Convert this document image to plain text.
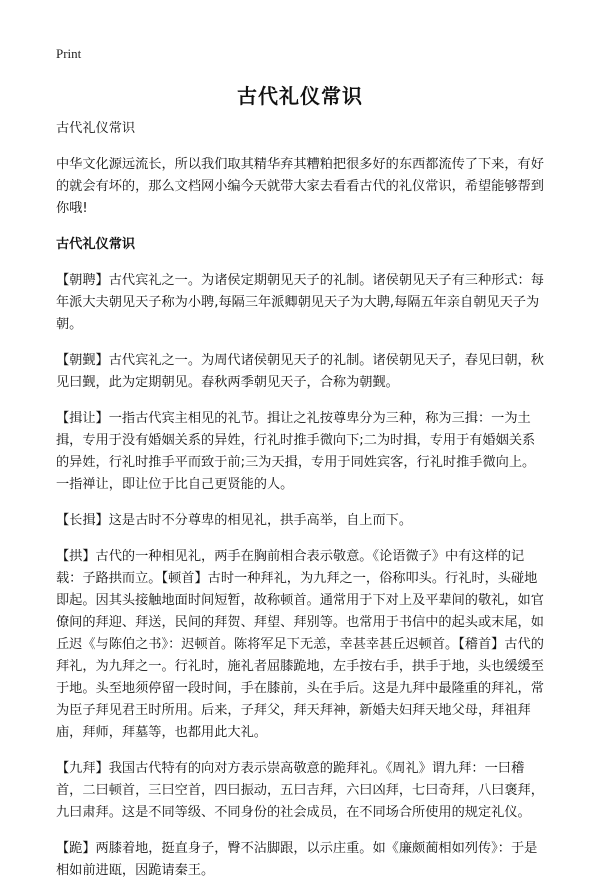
Print
古代礼仪常识

古代礼仪常识

中华文化源远流长，所以我们取其精华弃其糟粕把很多好的东西都流传了下来，有好的就会有坏的，那么文档网小编今天就带大家去看看古代的礼仪常识，希望能够帮到你哦!

古代礼仪常识

【朝聘】古代宾礼之一。为诸侯定期朝见天子的礼制。诸侯朝见天子有三种形式：每年派大夫朝见天子称为小聘,每隔三年派卿朝见天子为大聘,每隔五年亲自朝见天子为朝。

【朝觐】古代宾礼之一。为周代诸侯朝见天子的礼制。诸侯朝见天子，春见曰朝，秋见曰觐，此为定期朝见。春秋两季朝见天子，合称为朝觐。

【揖让】一指古代宾主相见的礼节。揖让之礼按尊卑分为三种，称为三揖：一为土揖，专用于没有婚姻关系的异姓，行礼时推手微向下;二为时揖，专用于有婚姻关系的异姓，行礼时推手平而致于前;三为天揖，专用于同姓宾客，行礼时推手微向上。一指禅让，即让位于比自己更贤能的人。

【长揖】这是古时不分尊卑的相见礼，拱手高举，自上而下。

【拱】古代的一种相见礼，两手在胸前相合表示敬意。《论语微子》中有这样的记载：子路拱而立。【顿首】古时一种拜礼，为九拜之一，俗称叩头。行礼时，头碰地即起。因其头接触地面时间短暂，故称顿首。通常用于下对上及平辈间的敬礼，如官僚间的拜迎、拜送，民间的拜贺、拜望、拜别等。也常用于书信中的起头或末尾，如丘迟《与陈伯之书》：迟顿首。陈将军足下无恙，幸甚幸甚丘迟顿首。【稽首】古代的拜礼，为九拜之一。行礼时，施礼者屈膝跪地，左手按右手，拱手于地，头也缓缓至于地。头至地须停留一段时间，手在膝前，头在手后。这是九拜中最隆重的拜礼，常为臣子拜见君王时所用。后来，子拜父，拜天拜神，新婚夫妇拜天地父母，拜祖拜庙，拜师，拜墓等，也都用此大礼。

【九拜】我国古代特有的向对方表示崇高敬意的跪拜礼。《周礼》谓九拜：一曰稽首，二曰顿首，三曰空首，四曰振动，五曰吉拜，六曰凶拜，七曰奇拜，八曰褒拜，九曰肃拜。这是不同等级、不同身份的社会成员，在不同场合所使用的规定礼仪。

【跪】两膝着地，挺直身子，臀不沾脚跟，以示庄重。如《廉颇蔺相如列传》：于是相如前进瓯，因跪请秦王。
